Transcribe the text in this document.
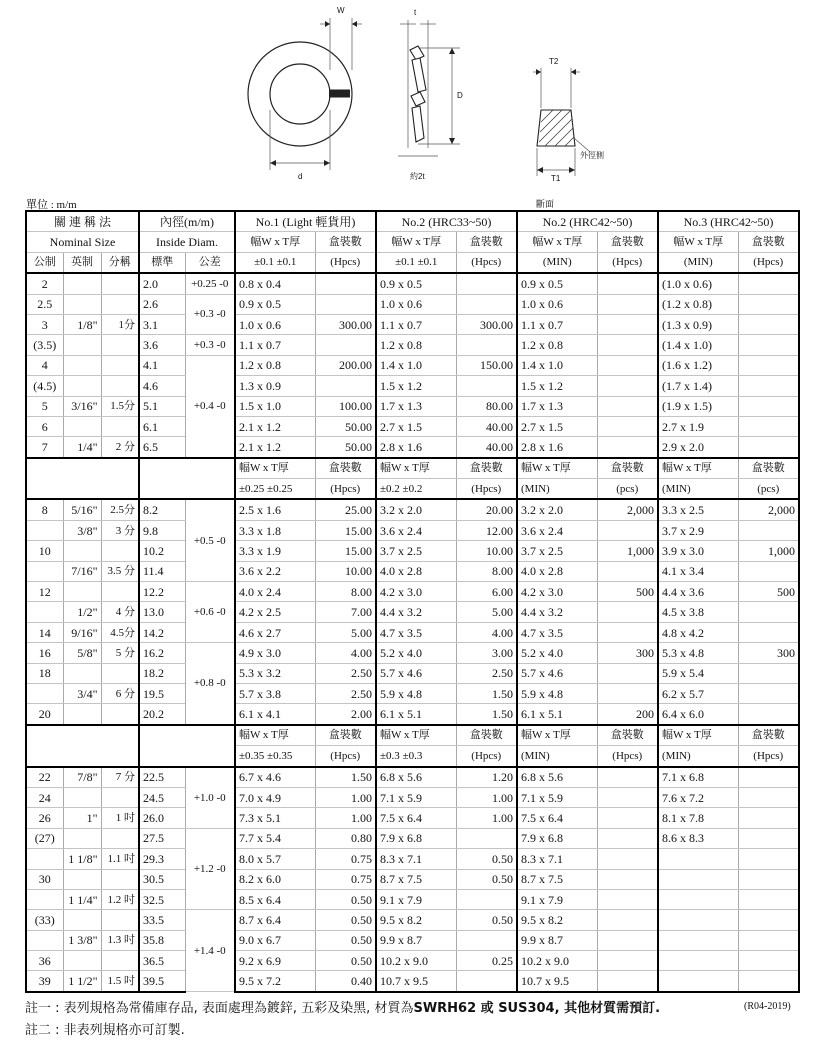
W	t
D
d	約2t
T2
T1
外徑側
單位 : m/m	斷面
關 連 稱 法			內徑(m/m)		No.1 (Light 輕貨用)		No.2 (HRC33~50)		No.2 (HRC42~50)		No.3 (HRC42~50)	
Nominal Size			Inside Diam.		幅W x T厚	盒裝數	幅W x T厚	盒裝數	幅W x T厚	盒裝數	幅W x T厚	盒裝數
公制	英制	分稱	標準	公差	±0.1 ±0.1	(Hpcs)	±0.1 ±0.1	(Hpcs)	(MIN)	(Hpcs)	(MIN)	(Hpcs)
2			2.0	+0.25 -0	0.8 x 0.4		0.9 x 0.5		0.9 x 0.5		(1.0 x 0.6)	
2.5			2.6	+0.3 -0	0.9 x 0.5		1.0 x 0.6		1.0 x 0.6		(1.2 x 0.8)	
3	1/8"	1分	3.1		1.0 x 0.6	300.00	1.1 x 0.7	300.00	1.1 x 0.7		(1.3 x 0.9)	
(3.5)			3.6	+0.3 -0	1.1 x 0.7		1.2 x 0.8		1.2 x 0.8		(1.4 x 1.0)	
4			4.1	+0.4 -0	1.2 x 0.8	200.00	1.4 x 1.0	150.00	1.4 x 1.0		(1.6 x 1.2)	
(4.5)			4.6		1.3 x 0.9		1.5 x 1.2		1.5 x 1.2		(1.7 x 1.4)	
5	3/16"	1.5分	5.1		1.5 x 1.0	100.00	1.7 x 1.3	80.00	1.7 x 1.3		(1.9 x 1.5)	
6			6.1		2.1 x 1.2	50.00	2.7 x 1.5	40.00	2.7 x 1.5		2.7 x 1.9	
7	1/4"	2 分	6.5		2.1 x 1.2	50.00	2.8 x 1.6	40.00	2.8 x 1.6		2.9 x 2.0	
					幅W x T厚	盒裝數	幅W x T厚	盒裝數	幅W x T厚	盒裝數	幅W x T厚	盒裝數
					±0.25 ±0.25	(Hpcs)	±0.2 ±0.2	(Hpcs)	(MIN)	(pcs)	(MIN)	(pcs)
8	5/16"	2.5分	8.2	+0.5 -0	2.5 x 1.6	25.00	3.2 x 2.0	20.00	3.2 x 2.0	2,000	3.3 x 2.5	2,000
	3/8"	3 分	9.8		3.3 x 1.8	15.00	3.6 x 2.4	12.00	3.6 x 2.4		3.7 x 2.9	
10			10.2		3.3 x 1.9	15.00	3.7 x 2.5	10.00	3.7 x 2.5	1,000	3.9 x 3.0	1,000
	7/16"	3.5 分	11.4		3.6 x 2.2	10.00	4.0 x 2.8	8.00	4.0 x 2.8		4.1 x 3.4	
12			12.2	+0.6 -0	4.0 x 2.4	8.00	4.2 x 3.0	6.00	4.2 x 3.0	500	4.4 x 3.6	500
	1/2"	4 分	13.0		4.2 x 2.5	7.00	4.4 x 3.2	5.00	4.4 x 3.2		4.5 x 3.8	
14	9/16"	4.5分	14.2		4.6 x 2.7	5.00	4.7 x 3.5	4.00	4.7 x 3.5		4.8 x 4.2	
16	5/8"	5 分	16.2	+0.8 -0	4.9 x 3.0	4.00	5.2 x 4.0	3.00	5.2 x 4.0	300	5.3 x 4.8	300
18			18.2		5.3 x 3.2	2.50	5.7 x 4.6	2.50	5.7 x 4.6		5.9 x 5.4	
	3/4"	6 分	19.5		5.7 x 3.8	2.50	5.9 x 4.8	1.50	5.9 x 4.8		6.2 x 5.7	
20			20.2		6.1 x 4.1	2.00	6.1 x 5.1	1.50	6.1 x 5.1	200	6.4 x 6.0	
					幅W x T厚	盒裝數	幅W x T厚	盒裝數	幅W x T厚	盒裝數	幅W x T厚	盒裝數
					±0.35 ±0.35	(Hpcs)	±0.3 ±0.3	(Hpcs)	(MIN)	(Hpcs)	(MIN)	(Hpcs)
22	7/8"	7 分	22.5	+1.0 -0	6.7 x 4.6	1.50	6.8 x 5.6	1.20	6.8 x 5.6		7.1 x 6.8	
24			24.5		7.0 x 4.9	1.00	7.1 x 5.9	1.00	7.1 x 5.9		7.6 x 7.2	
26	1"	1 吋	26.0		7.3 x 5.1	1.00	7.5 x 6.4	1.00	7.5 x 6.4		8.1 x 7.8	
(27)			27.5	+1.2 -0	7.7 x 5.4	0.80	7.9 x 6.8		7.9 x 6.8		8.6 x 8.3	
	1 1/8"	1.1 吋	29.3		8.0 x 5.7	0.75	8.3 x 7.1	0.50	8.3 x 7.1			
30			30.5		8.2 x 6.0	0.75	8.7 x 7.5	0.50	8.7 x 7.5			
	1 1/4"	1.2 吋	32.5		8.5 x 6.4	0.50	9.1 x 7.9		9.1 x 7.9			
(33)			33.5	+1.4 -0	8.7 x 6.4	0.50	9.5 x 8.2	0.50	9.5 x 8.2			
	1 3/8"	1.3 吋	35.8		9.0 x 6.7	0.50	9.9 x 8.7		9.9 x 8.7			
36			36.5		9.2 x 6.9	0.50	10.2 x 9.0	0.25	10.2 x 9.0			
39	1 1/2"	1.5 吋	39.5		9.5 x 7.2	0.40	10.7 x 9.5		10.7 x 9.5			
註一 : 表列規格為常備庫存品, 表面處理為鍍鋅, 五彩及染黑, 材質為SWRH62 或 SUS304, 其他材質需預訂.
註二 : 非表列規格亦可訂製.
(R04-2019)
